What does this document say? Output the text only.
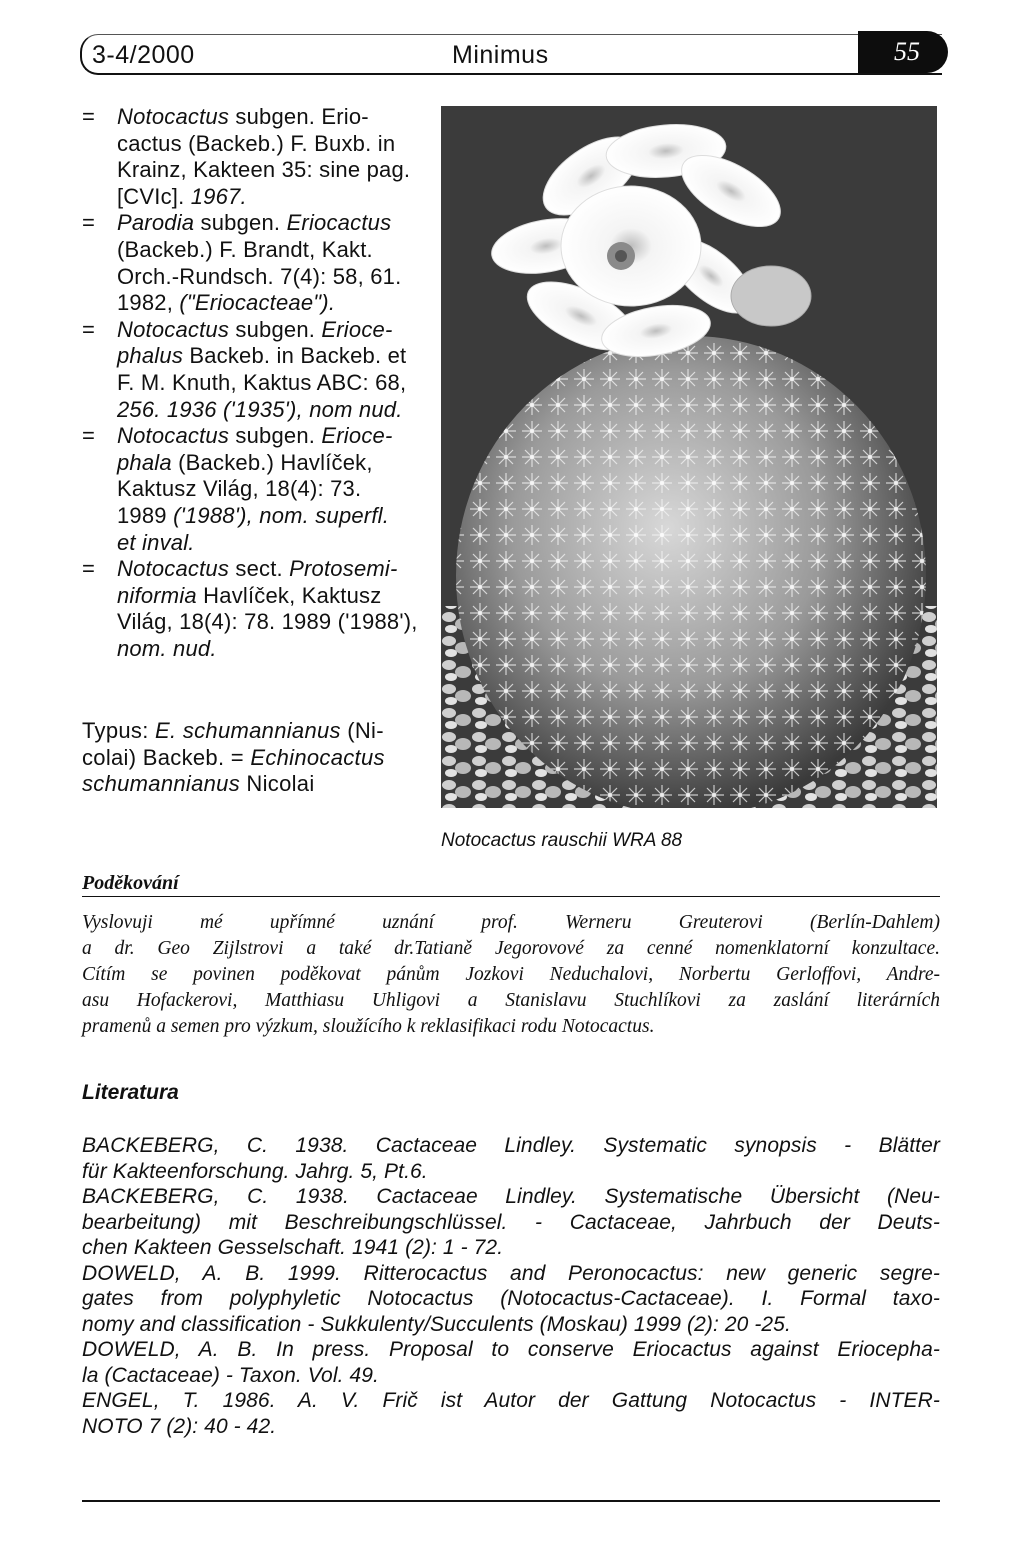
3-4/2000	Minimus	55
= Notocactus subgen. Erio-
cactus (Backeb.) F. Buxb. in
Krainz, Kakteen 35: sine pag.
[CVIc]. 1967.
= Parodia subgen. Eriocactus
(Backeb.) F. Brandt, Kakt.
Orch.-Rundsch. 7(4): 58, 61.
1982, ("Eriocacteae").
= Notocactus subgen. Erioce-
phalus Backeb. in Backeb. et
F. M. Knuth, Kaktus ABC: 68,
256. 1936 ('1935'), nom nud.
= Notocactus subgen. Erioce-
phala (Backeb.) Havlíček,
Kaktusz Világ, 18(4): 73.
1989 ('1988'), nom. superfl.
et inval.
= Notocactus sect. Protosemi-
niformia Havlíček, Kaktusz
Világ, 18(4): 78. 1989 ('1988'),
nom. nud.
Typus: E. schumannianus (Ni-
colai) Backeb. = Echinocactus
schumannianus Nicolai
Notocactus rauschii WRA 88
Poděkování
Vyslovuji mé upřímné uznání prof. Werneru Greuterovi (Berlín-Dahlem)
a dr. Geo Zijlstrovi a také dr.Tatianě Jegorovové za cenné nomenklatorní konzultace.
Cítím se povinen poděkovat pánům Jozkovi Neduchalovi, Norbertu Gerloffovi, Andre-
asu Hofackerovi, Matthiasu Uhligovi a Stanislavu Stuchlíkovi za zaslání literárních
pramenů a semen pro výzkum, sloužícího k reklasifikaci rodu Notocactus.
Literatura
BACKEBERG, C. 1938. Cactaceae Lindley. Systematic synopsis - Blätter
für Kakteenforschung. Jahrg. 5, Pt.6.
BACKEBERG, C. 1938. Cactaceae Lindley. Systematische Übersicht (Neu-
bearbeitung) mit Beschreibungschlüssel. - Cactaceae, Jahrbuch der Deuts-
chen Kakteen Gesselschaft. 1941 (2): 1 - 72.
DOWELD, A. B. 1999. Ritterocactus and Peronocactus: new generic segre-
gates from polyphyletic Notocactus (Notocactus-Cactaceae). I. Formal taxo-
nomy and classification - Sukkulenty/Succulents (Moskau) 1999 (2): 20 -25.
DOWELD, A. B. In press. Proposal to conserve Eriocactus against Eriocepha-
la (Cactaceae) - Taxon. Vol. 49.
ENGEL, T. 1986. A. V. Frič ist Autor der Gattung Notocactus - INTER-
NOTO 7 (2): 40 - 42.
